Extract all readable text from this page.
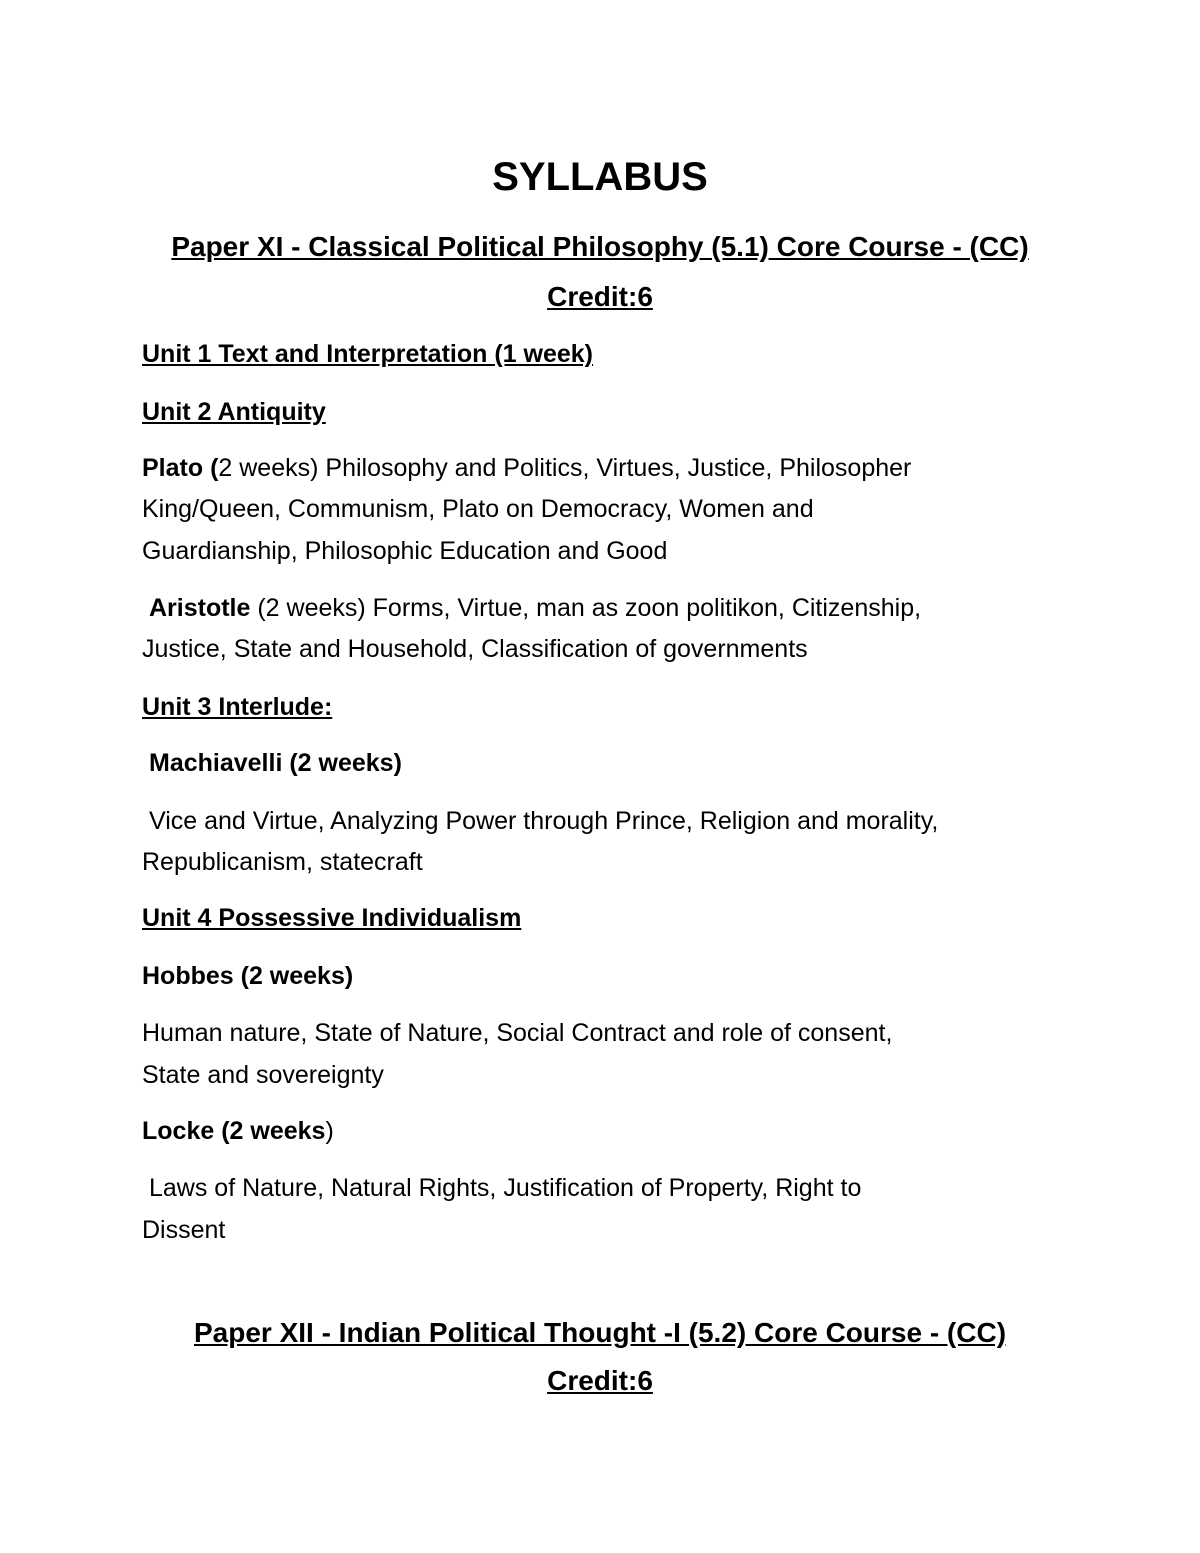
SYLLABUS

Paper XI - Classical Political Philosophy (5.1) Core Course - (CC)

Credit:6

Unit 1 Text and Interpretation (1 week)

Unit 2 Antiquity

Plato (2 weeks) Philosophy and Politics, Virtues, Justice, Philosopher

King/Queen, Communism, Plato on Democracy, Women and

Guardianship, Philosophic Education and Good

Aristotle (2 weeks) Forms, Virtue, man as zoon politikon, Citizenship,

Justice, State and Household, Classification of governments

Unit 3 Interlude:

Machiavelli (2 weeks)

Vice and Virtue, Analyzing Power through Prince, Religion and morality,

Republicanism, statecraft

Unit 4 Possessive Individualism

Hobbes (2 weeks)

Human nature, State of Nature, Social Contract and role of consent,

State and sovereignty

Locke (2 weeks)

Laws of Nature, Natural Rights, Justification of Property, Right to

Dissent

Paper XII - Indian Political Thought -I (5.2) Core Course - (CC)

Credit:6
